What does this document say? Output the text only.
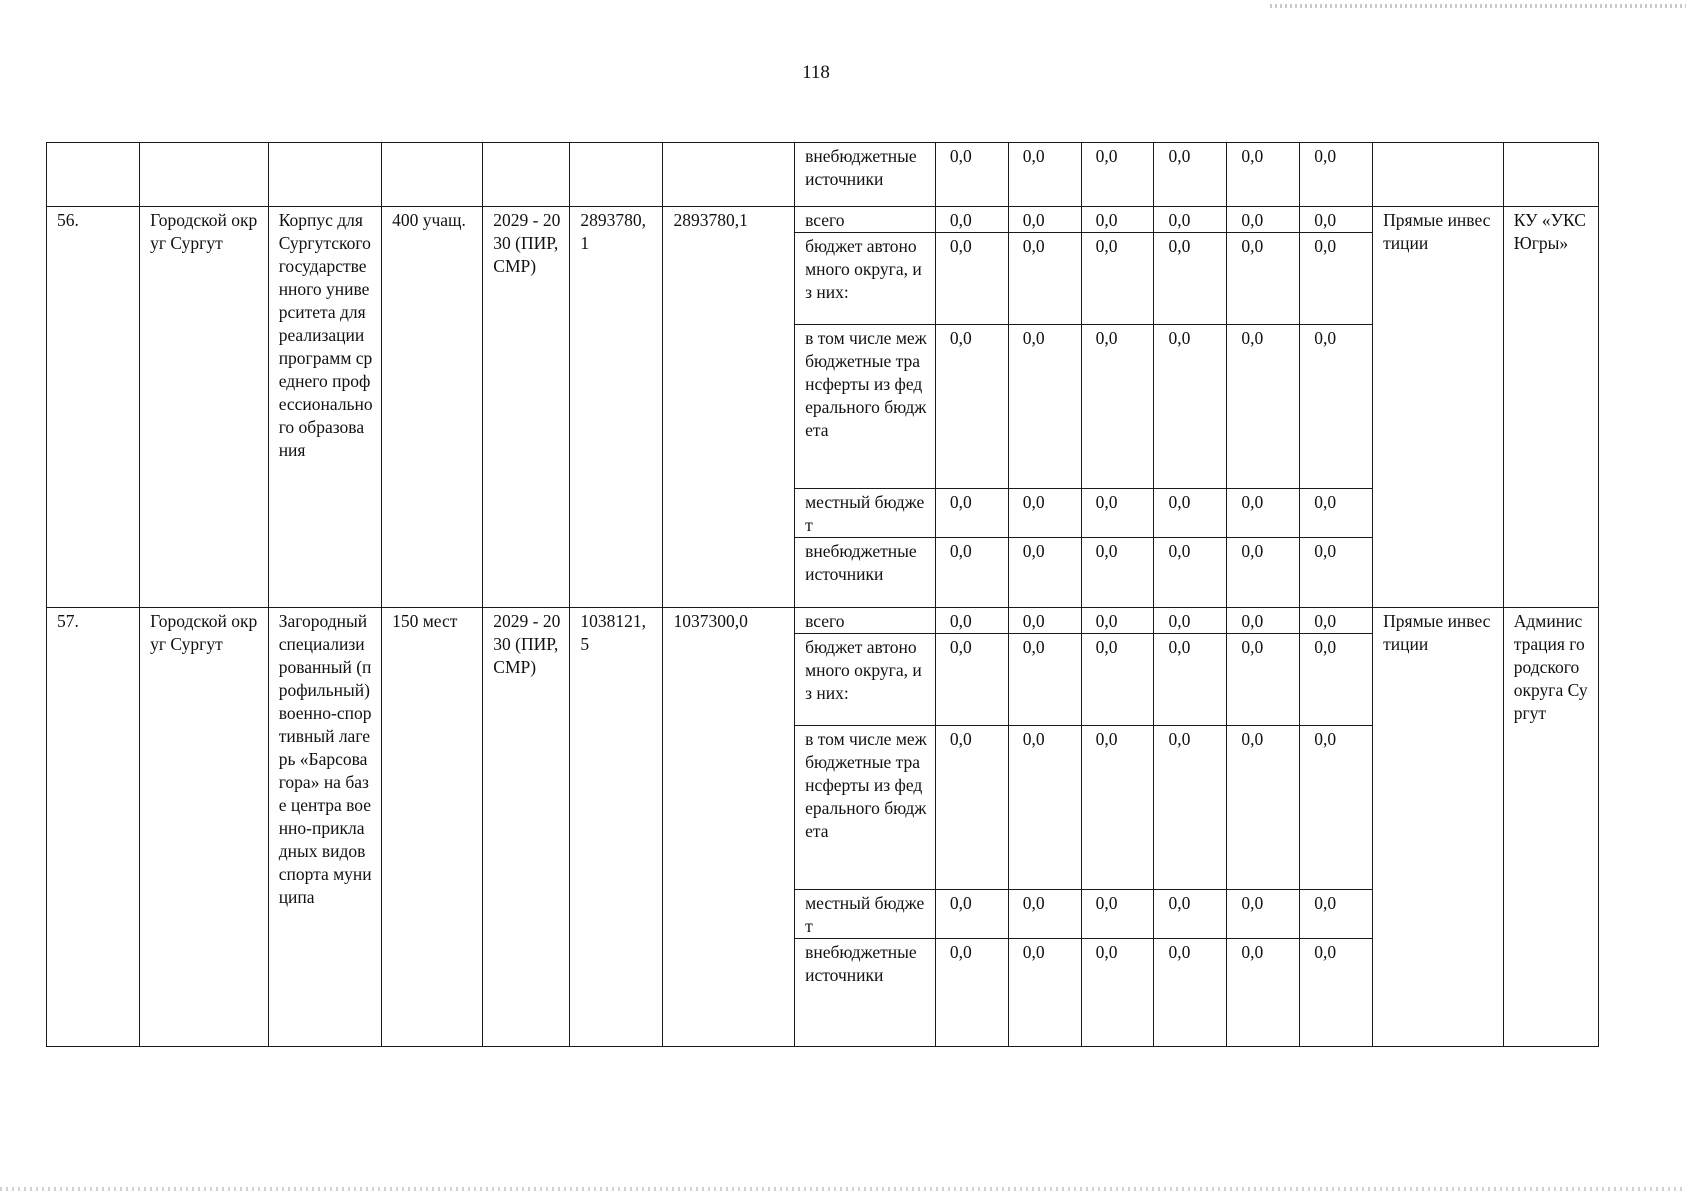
118
							внебюджетные источники	0,0	0,0	0,0	0,0	0,0	0,0		
56.	Городской округ Сургут	Корпус для Сургутского государственного университета для реализации программ среднего профессионального образования	400 учащ.	2029 - 2030 (ПИР, СМР)	2893780,1	2893780,1	всего	0,0	0,0	0,0	0,0	0,0	0,0	Прямые инвестиции	КУ «УКС Югры»
							бюджет автономного округа, из них:	0,0	0,0	0,0	0,0	0,0	0,0		
							в том числе межбюджетные трансферты из федерального бюджета	0,0	0,0	0,0	0,0	0,0	0,0		
							местный бюджет	0,0	0,0	0,0	0,0	0,0	0,0		
							внебюджетные источники	0,0	0,0	0,0	0,0	0,0	0,0		
57.	Городской округ Сургут	Загородный специализированный (профильный) военно-спортивный лагерь «Барсова гора» на базе центра военно-прикладных видов спорта муниципа	150 мест	2029 - 2030 (ПИР, СМР)	1038121,5	1037300,0	всего	0,0	0,0	0,0	0,0	0,0	0,0	Прямые инвестиции	Администрация городского округа Сургут
							бюджет автономного округа, из них:	0,0	0,0	0,0	0,0	0,0	0,0		
							в том числе межбюджетные трансферты из федерального бюджета	0,0	0,0	0,0	0,0	0,0	0,0		
							местный бюджет	0,0	0,0	0,0	0,0	0,0	0,0		
							внебюджетные источники	0,0	0,0	0,0	0,0	0,0	0,0		
